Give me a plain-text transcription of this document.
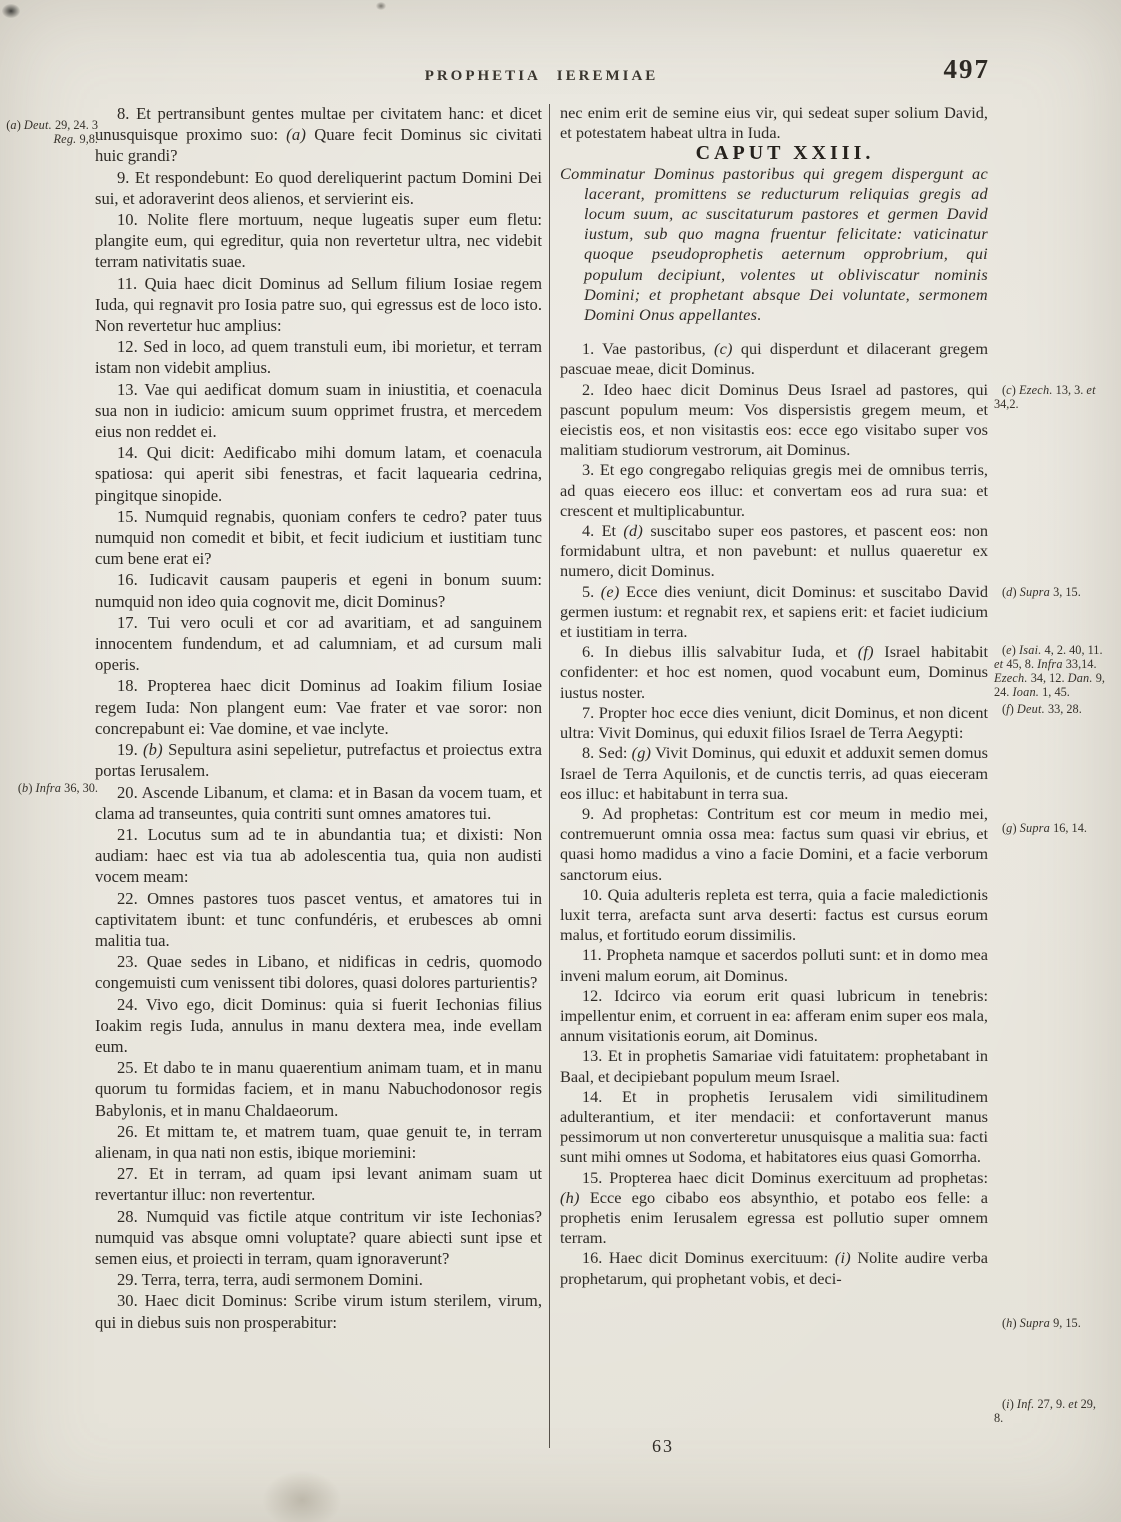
PROPHETIA IEREMIAE	497
(a) Deut. 29, 24. 3 Reg. 9,8.
(b) Infra 36, 30.

8. Et pertransibunt gentes multae per civitatem hanc: et dicet unusquisque proximo suo: (a) Quare fecit Dominus sic civitati huic grandi?

9. Et respondebunt: Eo quod dereliquerint pactum Domini Dei sui, et adoraverint deos alienos, et servierint eis.

10. Nolite flere mortuum, neque lugeatis super eum fletu: plangite eum, qui egreditur, quia non revertetur ultra, nec videbit terram nativitatis suae.

11. Quia haec dicit Dominus ad Sellum filium Iosiae regem Iuda, qui regnavit pro Iosia patre suo, qui egressus est de loco isto. Non revertetur huc amplius:

12. Sed in loco, ad quem transtuli eum, ibi morietur, et terram istam non videbit amplius.

13. Vae qui aedificat domum suam in iniustitia, et coenacula sua non in iudicio: amicum suum opprimet frustra, et mercedem eius non reddet ei.

14. Qui dicit: Aedificabo mihi domum latam, et coenacula spatiosa: qui aperit sibi fenestras, et facit laquearia cedrina, pingitque sinopide.

15. Numquid regnabis, quoniam confers te cedro? pater tuus numquid non comedit et bibit, et fecit iudicium et iustitiam tunc cum bene erat ei?

16. Iudicavit causam pauperis et egeni in bonum suum: numquid non ideo quia cognovit me, dicit Dominus?

17. Tui vero oculi et cor ad avaritiam, et ad sanguinem innocentem fundendum, et ad calumniam, et ad cursum mali operis.

18. Propterea haec dicit Dominus ad Ioakim filium Iosiae regem Iuda: Non plangent eum: Vae frater et vae soror: non concrepabunt ei: Vae domine, et vae inclyte.

19. (b) Sepultura asini sepelietur, putrefactus et proiectus extra portas Ierusalem.

20. Ascende Libanum, et clama: et in Basan da vocem tuam, et clama ad transeuntes, quia contriti sunt omnes amatores tui.

21. Locutus sum ad te in abundantia tua; et dixisti: Non audiam: haec est via tua ab adolescentia tua, quia non audisti vocem meam:

22. Omnes pastores tuos pascet ventus, et amatores tui in captivitatem ibunt: et tunc confundéris, et erubesces ab omni malitia tua.

23. Quae sedes in Libano, et nidificas in cedris, quomodo congemuisti cum venissent tibi dolores, quasi dolores parturientis?

24. Vivo ego, dicit Dominus: quia si fuerit Iechonias filius Ioakim regis Iuda, annulus in manu dextera mea, inde evellam eum.

25. Et dabo te in manu quaerentium animam tuam, et in manu quorum tu formidas faciem, et in manu Nabuchodonosor regis Babylonis, et in manu Chaldaeorum.

26. Et mittam te, et matrem tuam, quae genuit te, in terram alienam, in qua nati non estis, ibique moriemini:

27. Et in terram, ad quam ipsi levant animam suam ut revertantur illuc: non revertentur.

28. Numquid vas fictile atque contritum vir iste Iechonias? numquid vas absque omni voluptate? quare abiecti sunt ipse et semen eius, et proiecti in terram, quam ignoraverunt?

29. Terra, terra, terra, audi sermonem Domini.

30. Haec dicit Dominus: Scribe virum istum sterilem, virum, qui in diebus suis non prosperabitur:

nec enim erit de semine eius vir, qui sedeat super solium David, et potestatem habeat ultra in Iuda.

CAPUT XXIII.

Comminatur Dominus pastoribus qui gregem dispergunt ac lacerant, promittens se reducturum reliquias gregis ad locum suum, ac suscitaturum pastores et germen David iustum, sub quo magna fruentur felicitate: vaticinatur quoque pseudoprophetis aeternum opprobrium, qui populum decipiunt, volentes ut obliviscatur nominis Domini; et prophetant absque Dei voluntate, sermonem Domini Onus appellantes.

1. Vae pastoribus, (c) qui disperdunt et dilacerant gregem pascuae meae, dicit Dominus.

2. Ideo haec dicit Dominus Deus Israel ad pastores, qui pascunt populum meum: Vos dispersistis gregem meum, et eiecistis eos, et non visitastis eos: ecce ego visitabo super vos malitiam studiorum vestrorum, ait Dominus.

3. Et ego congregabo reliquias gregis mei de omnibus terris, ad quas eiecero eos illuc: et convertam eos ad rura sua: et crescent et multiplicabuntur.

4. Et (d) suscitabo super eos pastores, et pascent eos: non formidabunt ultra, et non pavebunt: et nullus quaeretur ex numero, dicit Dominus.

5. (e) Ecce dies veniunt, dicit Dominus: et suscitabo David germen iustum: et regnabit rex, et sapiens erit: et faciet iudicium et iustitiam in terra.

6. In diebus illis salvabitur Iuda, et (f) Israel habitabit confidenter: et hoc est nomen, quod vocabunt eum, Dominus iustus noster.

7. Propter hoc ecce dies veniunt, dicit Dominus, et non dicent ultra: Vivit Dominus, qui eduxit filios Israel de Terra Aegypti:

8. Sed: (g) Vivit Dominus, qui eduxit et adduxit semen domus Israel de Terra Aquilonis, et de cunctis terris, ad quas eieceram eos illuc: et habitabunt in terra sua.

9. Ad prophetas: Contritum est cor meum in medio mei, contremuerunt omnia ossa mea: factus sum quasi vir ebrius, et quasi homo madidus a vino a facie Domini, et a facie verborum sanctorum eius.

10. Quia adulteris repleta est terra, quia a facie maledictionis luxit terra, arefacta sunt arva deserti: factus est cursus eorum malus, et fortitudo eorum dissimilis.

11. Propheta namque et sacerdos polluti sunt: et in domo mea inveni malum eorum, ait Dominus.

12. Idcirco via eorum erit quasi lubricum in tenebris: impellentur enim, et corruent in ea: afferam enim super eos mala, annum visitationis eorum, ait Dominus.

13. Et in prophetis Samariae vidi fatuitatem: prophetabant in Baal, et decipiebant populum meum Israel.

14. Et in prophetis Ierusalem vidi similitudinem adulterantium, et iter mendacii: et confortaverunt manus pessimorum ut non converteretur unusquisque a malitia sua: facti sunt mihi omnes ut Sodoma, et habitatores eius quasi Gomorrha.

15. Propterea haec dicit Dominus exercituum ad prophetas: (h) Ecce ego cibabo eos absynthio, et potabo eos felle: a prophetis enim Ierusalem egressa est pollutio super omnem terram.

16. Haec dicit Dominus exercituum: (i) Nolite audire verba prophetarum, qui prophetant vobis, et deci-

(c) Ezech. 13, 3. et 34,2.
(d) Supra 3, 15.
(e) Isai. 4, 2. 40, 11. et 45, 8. Infra 33,14. Ezech. 34, 12. Dan. 9, 24. Ioan. 1, 45.
(f) Deut. 33, 28.
(g) Supra 16, 14.
(h) Supra 9, 15.
(i) Inf. 27, 9. et 29, 8.
63
